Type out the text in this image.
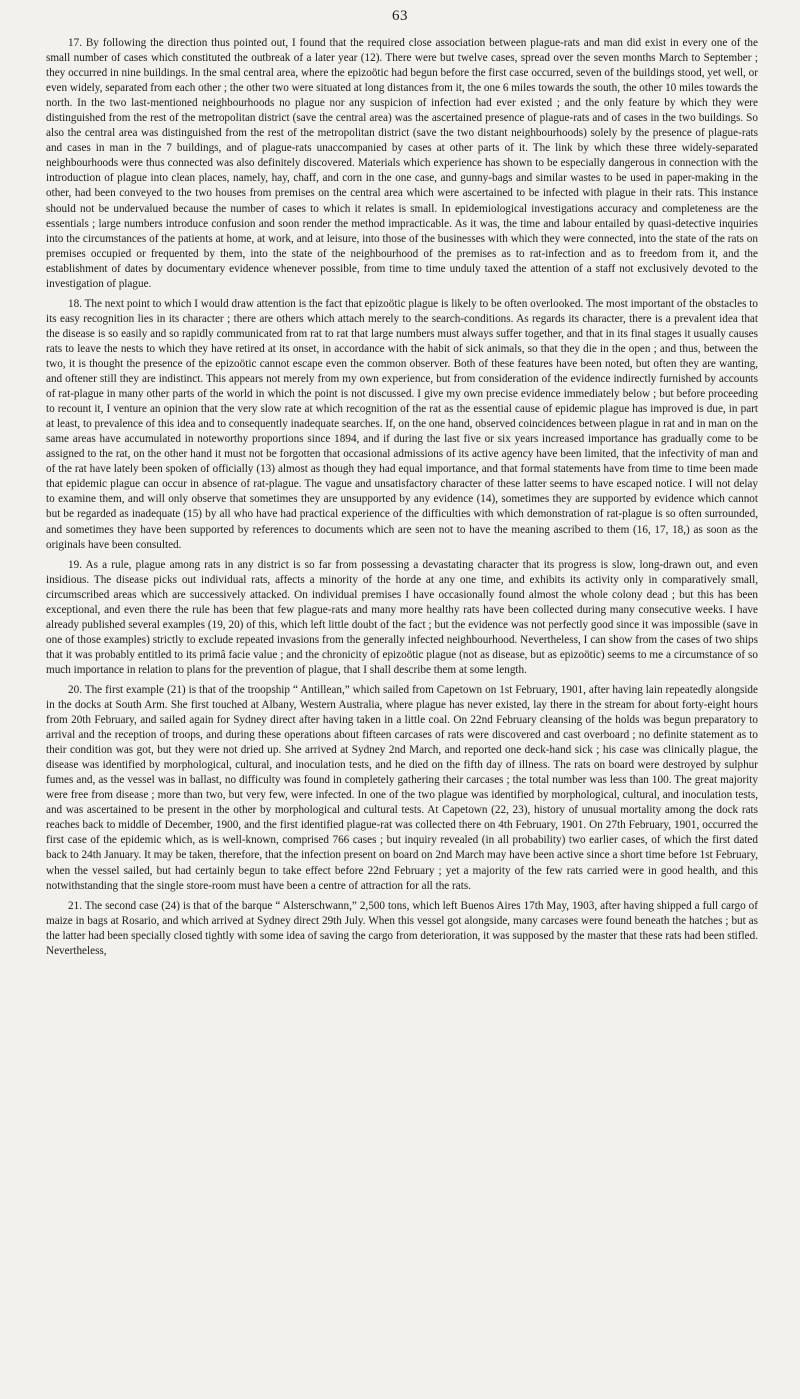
63

17. By following the direction thus pointed out, I found that the required close association between plague-rats and man did exist in every one of the small number of cases which constituted the outbreak of a later year (12). There were but twelve cases, spread over the seven months March to September ; they occurred in nine buildings. In the smal central area, where the epizoötic had begun before the first case occurred, seven of the buildings stood, yet well, or even widely, separated from each other ; the other two were situated at long distances from it, the one 6 miles towards the south, the other 10 miles towards the north. In the two last-mentioned neighbourhoods no plague nor any suspicion of infection had ever existed ; and the only feature by which they were distinguished from the rest of the metropolitan district (save the central area) was the ascertained presence of plague-rats and of cases in the two buildings. So also the central area was distinguished from the rest of the metropolitan district (save the two distant neighbourhoods) solely by the presence of plague-rats and cases in man in the 7 buildings, and of plague-rats unaccompanied by cases at other parts of it. The link by which these three widely-separated neighbourhoods were thus connected was also definitely discovered. Materials which experience has shown to be especially dangerous in connection with the introduction of plague into clean places, namely, hay, chaff, and corn in the one case, and gunny-bags and similar wastes to be used in paper-making in the other, had been conveyed to the two houses from premises on the central area which were ascertained to be infected with plague in their rats. This instance should not be undervalued because the number of cases to which it relates is small. In epidemiological investigations accuracy and completeness are the essentials ; large numbers introduce confusion and soon render the method impracticable. As it was, the time and labour entailed by quasi-detective inquiries into the circumstances of the patients at home, at work, and at leisure, into those of the businesses with which they were connected, into the state of the rats on premises occupied or frequented by them, into the state of the neighbourhood of the premises as to rat-infection and as to freedom from it, and the establishment of dates by documentary evidence whenever possible, from time to time unduly taxed the attention of a staff not exclusively devoted to the investigation of plague.

18. The next point to which I would draw attention is the fact that epizoötic plague is likely to be often overlooked. The most important of the obstacles to its easy recognition lies in its character ; there are others which attach merely to the search-conditions. As regards its character, there is a prevalent idea that the disease is so easily and so rapidly communicated from rat to rat that large numbers must always suffer together, and that in its final stages it usually causes rats to leave the nests to which they have retired at its onset, in accordance with the habit of sick animals, so that they die in the open ; and thus, between the two, it is thought the presence of the epizoötic cannot escape even the common observer. Both of these features have been noted, but often they are wanting, and oftener still they are indistinct. This appears not merely from my own experience, but from consideration of the evidence indirectly furnished by accounts of rat-plague in many other parts of the world in which the point is not discussed. I give my own precise evidence immediately below ; but before proceeding to recount it, I venture an opinion that the very slow rate at which recognition of the rat as the essential cause of epidemic plague has improved is due, in part at least, to prevalence of this idea and to consequently inadequate searches. If, on the one hand, observed coincidences between plague in rat and in man on the same areas have accumulated in noteworthy proportions since 1894, and if during the last five or six years increased importance has gradually come to be assigned to the rat, on the other hand it must not be forgotten that occasional admissions of its active agency have been limited, that the infectivity of man and of the rat have lately been spoken of officially (13) almost as though they had equal importance, and that formal statements have from time to time been made that epidemic plague can occur in absence of rat-plague. The vague and unsatisfactory character of these latter seems to have escaped notice. I will not delay to examine them, and will only observe that sometimes they are unsupported by any evidence (14), sometimes they are supported by evidence which cannot but be regarded as inadequate (15) by all who have had practical experience of the difficulties with which demonstration of rat-plague is so often surrounded, and sometimes they have been supported by references to documents which are seen not to have the meaning ascribed to them (16, 17, 18,) as soon as the originals have been consulted.

19. As a rule, plague among rats in any district is so far from possessing a devastating character that its progress is slow, long-drawn out, and even insidious. The disease picks out individual rats, affects a minority of the horde at any one time, and exhibits its activity only in comparatively small, circumscribed areas which are successively attacked. On individual premises I have occasionally found almost the whole colony dead ; but this has been exceptional, and even there the rule has been that few plague-rats and many more healthy rats have been collected during many consecutive weeks. I have already published several examples (19, 20) of this, which left little doubt of the fact ; but the evidence was not perfectly good since it was impossible (save in one of those examples) strictly to exclude repeated invasions from the generally infected neighbourhood. Nevertheless, I can show from the cases of two ships that it was probably entitled to its primâ facie value ; and the chronicity of epizoötic plague (not as disease, but as epizoötic) seems to me a circumstance of so much importance in relation to plans for the prevention of plague, that I shall describe them at some length.

20. The first example (21) is that of the troopship “ Antillean,” which sailed from Capetown on 1st February, 1901, after having lain repeatedly alongside in the docks at South Arm. She first touched at Albany, Western Australia, where plague has never existed, lay there in the stream for about forty-eight hours from 20th February, and sailed again for Sydney direct after having taken in a little coal. On 22nd February cleansing of the holds was begun preparatory to arrival and the reception of troops, and during these operations about fifteen carcases of rats were discovered and cast overboard ; no definite statement as to their condition was got, but they were not dried up. She arrived at Sydney 2nd March, and reported one deck-hand sick ; his case was clinically plague, the disease was identified by morphological, cultural, and inoculation tests, and he died on the fifth day of illness. The rats on board were destroyed by sulphur fumes and, as the vessel was in ballast, no difficulty was found in completely gathering their carcases ; the total number was less than 100. The great majority were free from disease ; more than two, but very few, were infected. In one of the two plague was identified by morphological, cultural, and inoculation tests, and was ascertained to be present in the other by morphological and cultural tests. At Capetown (22, 23), history of unusual mortality among the dock rats reaches back to middle of December, 1900, and the first identified plague-rat was collected there on 4th February, 1901. On 27th February, 1901, occurred the first case of the epidemic which, as is well-known, comprised 766 cases ; but inquiry revealed (in all probability) two earlier cases, of which the first dated back to 24th January. It may be taken, therefore, that the infection present on board on 2nd March may have been active since a short time before 1st February, when the vessel sailed, but had certainly begun to take effect before 22nd February ; yet a majority of the few rats carried were in good health, and this notwithstanding that the single store-room must have been a centre of attraction for all the rats.

21. The second case (24) is that of the barque “ Alsterschwann,” 2,500 tons, which left Buenos Aires 17th May, 1903, after having shipped a full cargo of maize in bags at Rosario, and which arrived at Sydney direct 29th July. When this vessel got alongside, many carcases were found beneath the hatches ; but as the latter had been specially closed tightly with some idea of saving the cargo from deterioration, it was supposed by the master that these rats had been stifled. Nevertheless,
